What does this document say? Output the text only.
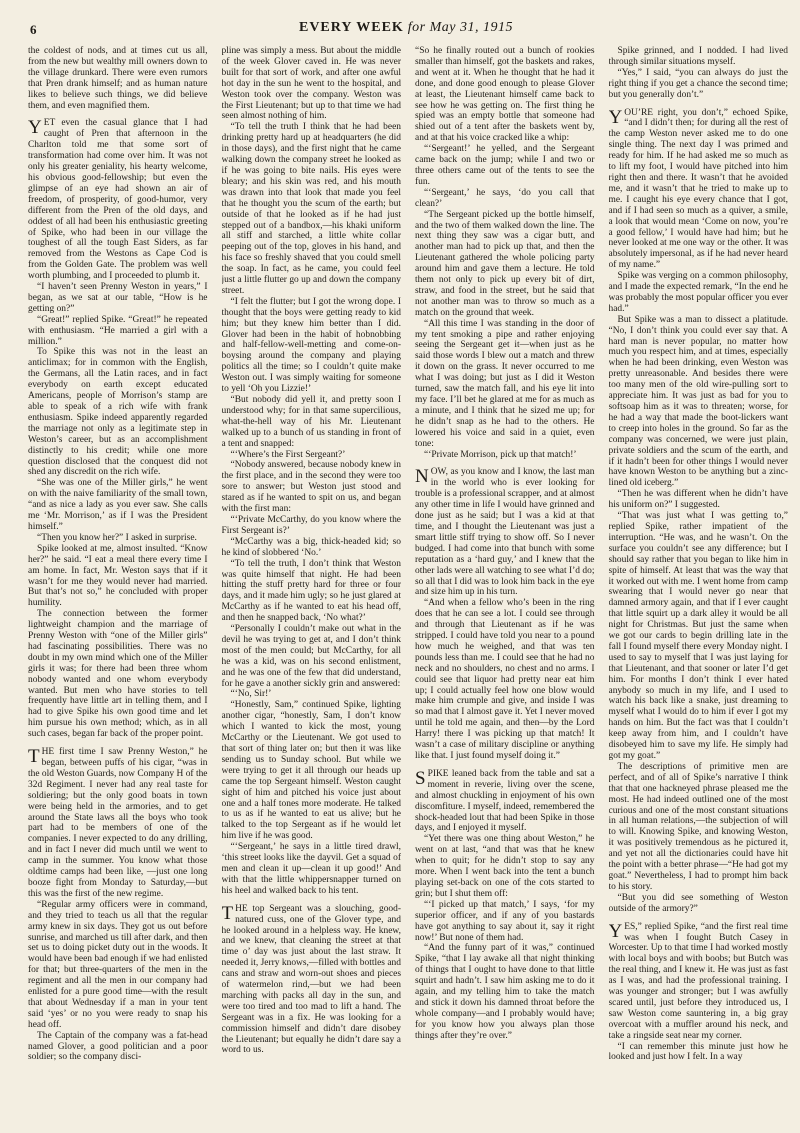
6	EVERY WEEK for May 31, 1915

the coldest of nods, and at times cut us all, from the new but wealthy mill owners down to the village drunkard. There were even rumors that Pren drank himself; and as human nature likes to believe such things, we did believe them, and even magnified them.

YET even the casual glance that I had caught of Pren that afternoon in the Charlton told me that some sort of transformation had come over him. It was not only his greater geniality, his hearty welcome, his obvious good-fellowship; but even the glimpse of an eye had shown an air of freedom, of prosperity, of good-humor, very different from the Pren of the old days, and oddest of all had been his enthusiastic greeting of Spike, who had been in our village the toughest of all the tough East Siders, as far removed from the Westons as Cape Cod is from the Golden Gate. The problem was well worth plumbing, and I proceeded to plumb it.

“I haven’t seen Prenny Weston in years,” I began, as we sat at our table, “How is he getting on?”

“Great!” replied Spike. “Great!” he repeated with enthusiasm. “He married a girl with a million.”

To Spike this was not in the least an anticlimax; for in common with the English, the Germans, all the Latin races, and in fact everybody on earth except educated Americans, people of Morrison’s stamp are able to speak of a rich wife with frank enthusiasm. Spike indeed apparently regarded the marriage not only as a legitimate step in Weston’s career, but as an accomplishment distinctly to his credit; while one more question disclosed that the conquest did not shed any discredit on the rich wife.

“She was one of the Miller girls,” he went on with the naive familiarity of the small town, “and as nice a lady as you ever saw. She calls me ‘Mr. Morrison,’ as if I was the President himself.”

“Then you know her?” I asked in surprise.

Spike looked at me, almost insulted. “Know her?” he said. “I eat a meal there every time I am home. In fact, Mr. Weston says that if it wasn’t for me they would never had married. But that’s not so,” he concluded with proper humility.

The connection between the former lightweight champion and the marriage of Prenny Weston with “one of the Miller girls” had fascinating possibilities. There was no doubt in my own mind which one of the Miller girls it was; for there had been three whom nobody wanted and one whom everybody wanted. But men who have stories to tell frequently have little art in telling them, and I had to give Spike his own good time and let him pursue his own method; which, as in all such cases, began far back of the proper point.

THE first time I saw Prenny Weston,” he began, between puffs of his cigar, “was in the old Weston Guards, now Company H of the 32d Regiment. I never had any real taste for soldiering; but the only good boats in town were being held in the armories, and to get around the State laws all the boys who took part had to be members of one of the companies. I never expected to do any drilling, and in fact I never did much until we went to camp in the summer. You know what those oldtime camps had been like, —just one long booze fight from Monday to Saturday,—but this was the first of the new regime.

“Regular army officers were in command, and they tried to teach us all that the regular army knew in six days. They got us out before sunrise, and marched us till after dark, and then set us to doing picket duty out in the woods. It would have been bad enough if we had enlisted for that; but three-quarters of the men in the regiment and all the men in our company had enlisted for a pure good time—with the result that about Wednesday if a man in your tent said ‘yes’ or no you were ready to snap his head off.

The Captain of the company was a fat-head named Glover, a good politician and a poor soldier; so the company disci-

pline was simply a mess. But about the middle of the week Glover caved in. He was never built for that sort of work, and after one awful hot day in the sun he went to the hospital, and Weston took over the company. Weston was the First Lieutenant; but up to that time we had seen almost nothing of him.

“To tell the truth I think that he had been drinking pretty hard up at headquarters (he did in those days), and the first night that he came walking down the company street he looked as if he was going to bite nails. His eyes were bleary; and his skin was red, and his mouth was drawn into that look that made you feel that he thought you the scum of the earth; but outside of that he looked as if he had just stepped out of a bandbox,—his khaki uniform all stiff and starched, a little white collar peeping out of the top, gloves in his hand, and his face so freshly shaved that you could smell the soap. In fact, as he came, you could feel just a little flutter go up and down the company street.

“I felt the flutter; but I got the wrong dope. I thought that the boys were getting ready to kid him; but they knew him better than I did. Glover had been in the habit of hobnobbing and half-fellow-well-metting and come-on-boysing around the company and playing politics all the time; so I couldn’t quite make Weston out. I was simply waiting for someone to yell ‘Oh you Lizzie!’

“But nobody did yell it, and pretty soon I understood why; for in that same supercilious, what-the-hell way of his Mr. Lieutenant walked up to a bunch of us standing in front of a tent and snapped:

“‘Where’s the First Sergeant?’

“Nobody answered, because nobody knew in the first place, and in the second they were too sore to answer; but Weston just stood and stared as if he wanted to spit on us, and began with the first man:

“‘Private McCarthy, do you know where the First Sergeant is?’

“McCarthy was a big, thick-headed kid; so he kind of slobbered ‘No.’

“To tell the truth, I don’t think that Weston was quite himself that night. He had been hitting the stuff pretty hard for three or four days, and it made him ugly; so he just glared at McCarthy as if he wanted to eat his head off, and then he snapped back, ‘No what?’

“Personally I couldn’t make out what in the devil he was trying to get at, and I don’t think most of the men could; but McCarthy, for all he was a kid, was on his second enlistment, and he was one of the few that did understand, for he gave a another sickly grin and answered:

“‘No, Sir!’

“Honestly, Sam,” continued Spike, lighting another cigar, “honestly, Sam, I don’t know which I wanted to kick the most, young McCarthy or the Lieutenant. We got used to that sort of thing later on; but then it was like sending us to Sunday school. But while we were trying to get it all through our heads up came the top Sergeant himself. Weston caught sight of him and pitched his voice just about one and a half tones more moderate. He talked to us as if he wanted to eat us alive; but he talked to the top Sergeant as if he would let him live if he was good.

“‘Sergeant,’ he says in a little tired drawl, ‘this street looks like the dayvil. Get a squad of men and clean it up—clean it up good!’ And with that the little whippersnapper turned on his heel and walked back to his tent.

THE top Sergeant was a slouching, good-natured cuss, one of the Glover type, and he looked around in a helpless way. He knew, and we knew, that cleaning the street at that time o’ day was just about the last straw. It needed it, Jerry knows,—filled with bottles and cans and straw and worn-out shoes and pieces of watermelon rind,—but we had been marching with packs all day in the sun, and were too tired and too mad to lift a hand. The Sergeant was in a fix. He was looking for a commission himself and didn’t dare disobey the Lieutenant; but equally he didn’t dare say a word to us.

“So he finally routed out a bunch of rookies smaller than himself, got the baskets and rakes, and went at it. When he thought that he had it done, and done good enough to please Glover at least, the Lieutenant himself came back to see how he was getting on. The first thing he spied was an empty bottle that someone had shied out of a tent after the baskets went by, and at that his voice cracked like a whip:

“‘Sergeant!’ he yelled, and the Sergeant came back on the jump; while I and two or three others came out of the tents to see the fun.

“‘Sergeant,’ he says, ‘do you call that clean?’

“The Sergeant picked up the bottle himself, and the two of them walked down the line. The next thing they saw was a cigar butt, and another man had to pick up that, and then the Lieutenant gathered the whole policing party around him and gave them a lecture. He told them not only to pick up every bit of dirt, straw, and food in the street, but he said that not another man was to throw so much as a match on the ground that week.

“All this time I was standing in the door of my tent smoking a pipe and rather enjoying seeing the Sergeant get it—when just as he said those words I blew out a match and threw it down on the grass. It never occurred to me what I was doing; but just as I did it Weston turned, saw the match fall, and his eye lit into my face. I’ll bet he glared at me for as much as a minute, and I think that he sized me up; for he didn’t snap as he had to the others. He lowered his voice and said in a quiet, even tone:

“‘Private Morrison, pick up that match!’

NOW, as you know and I know, the last man in the world who is ever looking for trouble is a professional scrapper, and at almost any other time in life I would have grinned and done just as he said; but I was a kid at that time, and I thought the Lieutenant was just a smart little stiff trying to show off. So I never budged. I had come into that bunch with some reputation as a ‘hard guy,’ and I knew that the other lads were all watching to see what I’d do; so all that I did was to look him back in the eye and size him up in his turn.

“And when a fellow who’s been in the ring does that he can see a lot. I could see through and through that Lieutenant as if he was stripped. I could have told you near to a pound how much he weighed, and that was ten pounds less than me. I could see that he had no neck and no shoulders, no chest and no arms. I could see that liquor had pretty near eat him up; I could actually feel how one blow would make him crumple and give, and inside I was so mad that I almost gave it. Yet I never moved until he told me again, and then—by the Lord Harry! there I was picking up that match! It wasn’t a case of military discipline or anything like that. I just found myself doing it.”

SPIKE leaned back from the table and sat a moment in reverie, living over the scene, and almost chuckling in enjoyment of his own discomfiture. I myself, indeed, remembered the shock-headed lout that had been Spike in those days, and I enjoyed it myself.

“Yet there was one thing about Weston,” he went on at last, “and that was that he knew when to quit; for he didn’t stop to say any more. When I went back into the tent a bunch playing set-back on one of the cots started to grin; but I shut them off:

“‘I picked up that match,’ I says, ‘for my superior officer, and if any of you bastards have got anything to say about it, say it right now!’ But none of them had.

“And the funny part of it was,” continued Spike, “that I lay awake all that night thinking of things that I ought to have done to that little squirt and hadn’t. I saw him asking me to do it again, and my telling him to take the match and stick it down his damned throat before the whole company—and I probably would have; for you know how you always plan those things after they’re over.”

Spike grinned, and I nodded. I had lived through similar situations myself.

“Yes,” I said, “you can always do just the right thing if you get a chance the second time; but you generally don’t.”

YOU’RE right, you don’t,” echoed Spike, “and I didn’t then; for during all the rest of the camp Weston never asked me to do one single thing. The next day I was primed and ready for him. If he had asked me so much as to lift my foot, I would have pitched into him right then and there. It wasn’t that he avoided me, and it wasn’t that he tried to make up to me. I caught his eye every chance that I got, and if I had seen so much as a quiver, a smile, a look that would mean ‘Come on now, you’re a good fellow,’ I would have had him; but he never looked at me one way or the other. It was absolutely impersonal, as if he had never heard of my name.”

Spike was verging on a common philosophy, and I made the expected remark, “In the end he was probably the most popular officer you ever had.”

But Spike was a man to dissect a platitude. “No, I don’t think you could ever say that. A hard man is never popular, no matter how much you respect him, and at times, especially when he had been drinking, even Weston was pretty unreasonable. And besides there were too many men of the old wire-pulling sort to appreciate him. It was just as bad for you to softsoap him as it was to threaten; worse, for he had a way that made the boot-lickers want to creep into holes in the ground. So far as the company was concerned, we were just plain, private soldiers and the scum of the earth, and if it hadn’t been for other things I would never have known Weston to be anything but a zinc-lined old iceberg.”

“Then he was different when he didn’t have his uniform on?” I suggested.

“That was just what I was getting to,” replied Spike, rather impatient of the interruption. “He was, and he wasn’t. On the surface you couldn’t see any difference; but I should say rather that you began to like him in spite of himself. At least that was the way that it worked out with me. I went home from camp swearing that I would never go near that damned armory again, and that if I ever caught that little squirt up a dark alley it would be all night for Christmas. But just the same when we got our cards to begin drilling late in the fall I found myself there every Monday night. I used to say to myself that I was just laying for that Lieutenant, and that sooner or later I’d get him. For months I don’t think I ever hated anybody so much in my life, and I used to watch his back like a snake, just dreaming to myself what I would do to him if ever I got my hands on him. But the fact was that I couldn’t keep away from him, and I couldn’t have disobeyed him to save my life. He simply had got my goat.”

The descriptions of primitive men are perfect, and of all of Spike’s narrative I think that that one hackneyed phrase pleased me the most. He had indeed outlined one of the most curious and one of the most constant situations in all human relations,—the subjection of will to will. Knowing Spike, and knowing Weston, it was positively tremendous as he pictured it, and yet not all the dictionaries could have hit the point with a better phrase—“He had got my goat.” Nevertheless, I had to prompt him back to his story.

“But you did see something of Weston outside of the armory?”

YES,” replied Spike, “and the first real time was when I fought Butch Casey in Worcester. Up to that time I had worked mostly with local boys and with boobs; but Butch was the real thing, and I knew it. He was just as fast as I was, and had the professional training. I was younger and stronger; but I was awfully scared until, just before they introduced us, I saw Weston come sauntering in, a big gray overcoat with a muffler around his neck, and take a ringside seat near my corner.

“I can remember this minute just how he looked and just how I felt. In a way
